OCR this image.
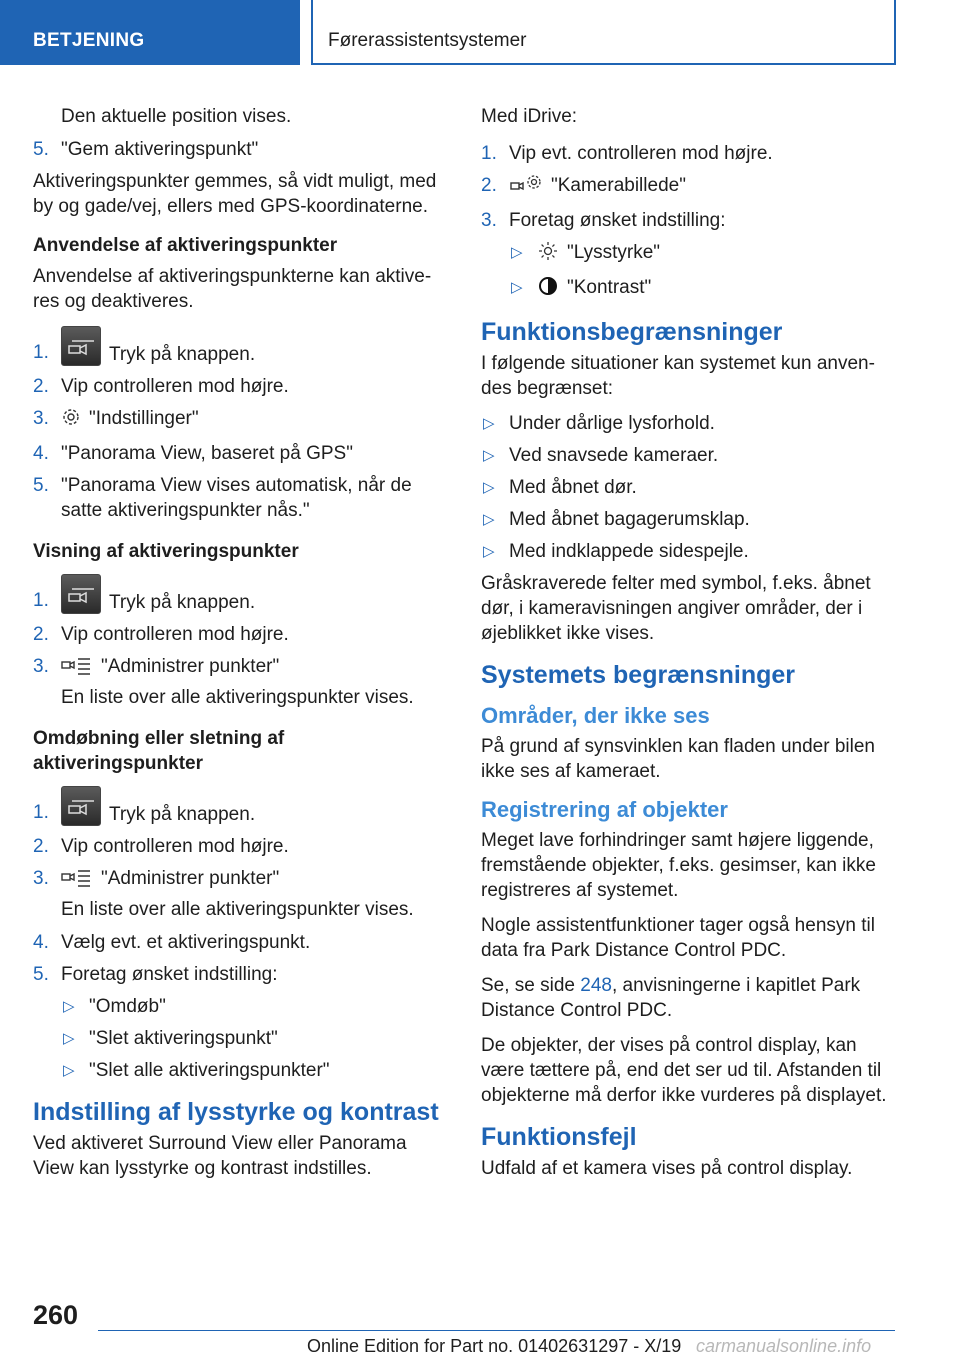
BETJENING	Førerassistentsystemer

Den aktuelle position vises.

5. "Gem aktiveringspunkt"

Aktiveringspunkter gemmes, så vidt muligt, med by og gade/vej, ellers med GPS-koordinaterne.

Anvendelse af aktiveringspunkter

Anvendelse af aktiveringspunkterne kan aktiveres og deaktiveres.

1.	Tryk på knappen.
2. Vip controlleren mod højre.
3. "Indstillinger"
4. "Panorama View, baseret på GPS"
5. "Panorama View vises automatisk, når de satte aktiveringspunkter nås."

Visning af aktiveringspunkter

1.	Tryk på knappen.
2. Vip controlleren mod højre.
3.	"Administrer punkter"

En liste over alle aktiveringspunkter vises.

Omdøbning eller sletning af aktiveringspunkter

1.	Tryk på knappen.
2. Vip controlleren mod højre.
3.	"Administrer punkter"

En liste over alle aktiveringspunkter vises.

4. Vælg evt. et aktiveringspunkt.
5. Foretag ønsket indstilling:
▷ "Omdøb"
▷ "Slet aktiveringspunkt"
▷ "Slet alle aktiveringspunkter"

Indstilling af lysstyrke og kontrast

Ved aktiveret Surround View eller Panorama View kan lysstyrke og kontrast indstilles.

Med iDrive:

1. Vip evt. controlleren mod højre.
2.	"Kamerabillede"
3. Foretag ønsket indstilling:
▷ "Lysstyrke"
▷ "Kontrast"

Funktionsbegrænsninger

I følgende situationer kan systemet kun anvendes begrænset:

▷ Under dårlige lysforhold.
▷ Ved snavsede kameraer.
▷ Med åbnet dør.
▷ Med åbnet bagagerumsklap.
▷ Med indklappede sidespejle.

Gråskraverede felter med symbol, f.eks. åbnet dør, i kameravisningen angiver områder, der i øjeblikket ikke vises.

Systemets begrænsninger

Områder, der ikke ses

På grund af synsvinklen kan fladen under bilen ikke ses af kameraet.

Registrering af objekter

Meget lave forhindringer samt højere liggende, fremstående objekter, f.eks. gesimser, kan ikke registreres af systemet.

Nogle assistentfunktioner tager også hensyn til data fra Park Distance Control PDC.

Se, se side 248, anvisningerne i kapitlet Park Distance Control PDC.

De objekter, der vises på control display, kan være tættere på, end det ser ud til. Afstanden til objekterne må derfor ikke vurderes på displayet.

Funktionsfejl

Udfald af et kamera vises på control display.

260
Online Edition for Part no. 01402631297 - X/19 carmanualsonline.info
